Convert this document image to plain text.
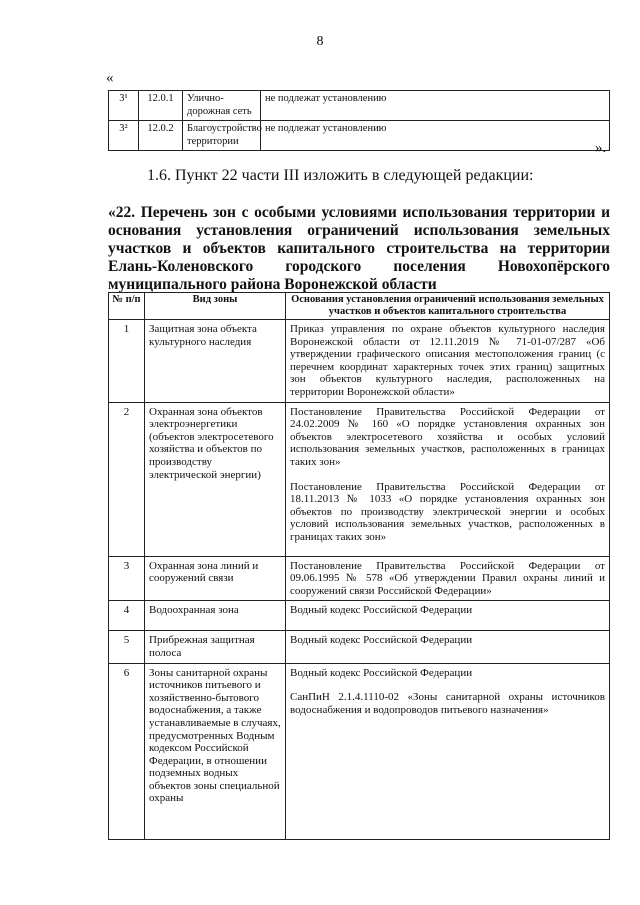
8
«
3¹	12.0.1	Улично-дорожная сеть	не подлежат установлению
3²	12.0.2	Благоустройство территории	не подлежат установлению
».
1.6. Пункт 22 части III изложить в следующей редакции:
«22. Перечень зон с особыми условиями использования территории и основания установления ограничений использования земельных участков и объектов капитального строительства на территории Елань-Коленовского городского поселения Новохопёрского муниципального района Воронежской области
№ п/п	Вид зоны	Основания установления ограничений использования земельных участков и объектов капитального строительства
1	Защитная зона объекта культурного наследия	Приказ управления по охране объектов культурного наследия Воронежской области от 12.11.2019 № 71-01-07/287 «Об утверждении графического описания местоположения границ (с перечнем координат характерных точек этих границ) защитных зон объектов культурного наследия, расположенных на территории Воронежской области»

2	Охранная зона объектов электроэнергетики (объектов электросетевого хозяйства и объектов по производству электрической энергии)	Постановление Правительства Российской Федерации от 24.02.2009 № 160 «О порядке установления охранных зон объектов электросетевого хозяйства и особых условий использования земельных участков, расположенных в границах таких зон»

Постановление Правительства Российской Федерации от 18.11.2013 № 1033 «О порядке установления охранных зон объектов по производству электрической энергии и особых условий использования земельных участков, расположенных в границах таких зон»

3	Охранная зона линий и сооружений связи	Постановление Правительства Российской Федерации от 09.06.1995 № 578 «Об утверждении Правил охраны линий и сооружений связи Российской Федерации»

4	Водоохранная зона	Водный кодекс Российской Федерации

5	Прибрежная защитная полоса	Водный кодекс Российской Федерации

6	Зоны санитарной охраны источников питьевого и хозяйственно-бытового водоснабжения, а также устанавливаемые в случаях, предусмотренных Водным кодексом Российской Федерации, в отношении подземных водных объектов зоны специальной охраны	Водный кодекс Российской Федерации

СанПиН 2.1.4.1110-02 «Зоны санитарной охраны источников водоснабжения и водопроводов питьевого назначения»
